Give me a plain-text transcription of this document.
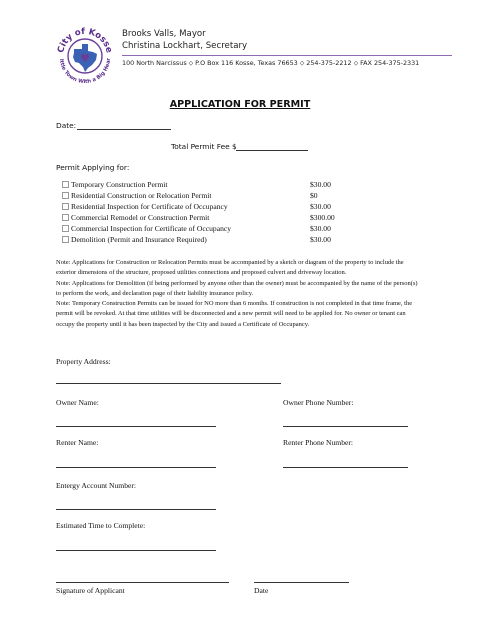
City of Kosse
ittle Town With a Big Hear
Brooks Valls, Mayor
Christina Lockhart, Secretary
100 North Narcissus ⬦ P.O Box 116 Kosse, Texas 76653 ⬦ 254-375-2212 ⬦ FAX 254-375-2331
APPLICATION FOR PERMIT
Date:
Total Permit Fee $
Permit Applying for:
Temporary Construction Permit	$30.00
Residential Construction or Relocation Permit	$0
Residential Inspection for Certificate of Occupancy	$30.00
Commercial Remodel or Construction Permit	$300.00
Commercial Inspection for Certificate of Occupancy	$30.00
Demolition (Permit and Insurance Required)	$30.00

Note: Applications for Construction or Relocation Permits must be accompanied by a sketch or diagram of the property to include the exterior dimensions of the structure, proposed utilities connections and proposed culvert and driveway location.

Note: Applications for Demolition (if being performed by anyone other than the owner) must be accompanied by the name of the person(s) to perform the work, and declaration page of their liability insurance policy.

Note: Temporary Construction Permits can be issued for NO more than 6 months. If construction is not completed in that time frame, the permit will be revoked. At that time utilities will be disconnected and a new permit will need to be applied for. No owner or tenant can occupy the property until it has been inspected by the City and issued a Certificate of Occupancy.

Property Address:
Owner Name:	Owner Phone Number:
Renter Name:	Renter Phone Number:
Entergy Account Number:
Estimated Time to Complete:
Signature of Applicant	Date
